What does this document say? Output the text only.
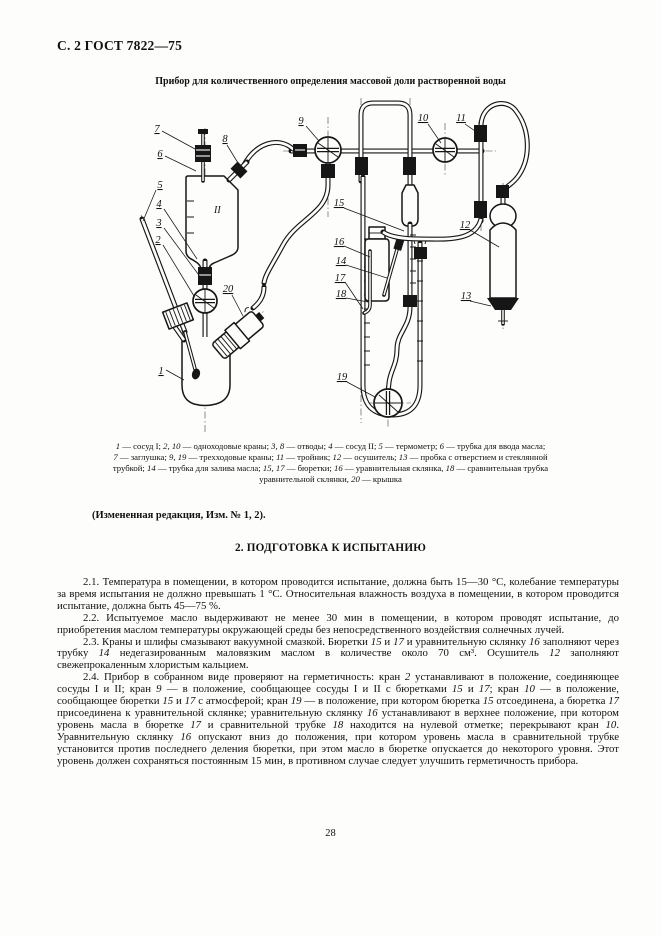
С. 2 ГОСТ 7822—75
Прибор для количественного определения массовой доли растворенной воды
II
1
2
3
4
5
6
7
8
9	10	11
12
13
14
15
16
17
18
19
20
1 — сосуд I; 2, 10 — одноходовые краны; 3, 8 — отводы; 4 — сосуд II; 5 — термометр; 6 — трубка для ввода масла;
7 — заглушка; 9, 19 — трехходовые краны; 11 — тройник; 12 — осушитель; 13 — пробка с отверстием и стеклянной
трубкой; 14 — трубка для залива масла; 15, 17 — бюретки; 16 — уравнительная склянка, 18 — сравнительная трубка
уравнительной склянки, 20 — крышка
(Измененная редакция, Изм. № 1, 2).
2. ПОДГОТОВКА К ИСПЫТАНИЮ

2.1. Температура в помещении, в котором проводится испытание, должна быть 15—30 °С, колебание температуры за время испытания не должно превышать 1 °С. Относительная влажность воздуха в помещении, в котором проводится испытание, должна быть 45—75 %.

2.2. Испытуемое масло выдерживают не менее 30 мин в помещении, в котором проводят испытание, до приобретения маслом температуры окружающей среды без непосредственного воздействия солнечных лучей.

2.3. Краны и шлифы смазывают вакуумной смазкой. Бюретки 15 и 17 и уравнительную склянку 16 заполняют через трубку 14 недегазированным маловязким маслом в количестве около 70 см³. Осушитель 12 заполняют свежепрокаленным хлористым кальцием.

2.4. Прибор в собранном виде проверяют на герметичность: кран 2 устанавливают в положение, соединяющее сосуды I и II; кран 9 — в положение, сообщающее сосуды I и II с бюретками 15 и 17; кран 10 — в положение, сообщающее бюретки 15 и 17 с атмосферой; кран 19 — в положение, при котором бюретка 15 отсоединена, а бюретка 17 присоединена к уравнительной склянке; уравнительную склянку 16 устанавливают в верхнее положение, при котором уровень масла в бюретке 17 и сравнительной трубке 18 находится на нулевой отметке; перекрывают кран 10. Уравнительную склянку 16 опускают вниз до положения, при котором уровень масла в сравнительной трубке установится против последнего деления бюретки, при этом масло в бюретке опускается до некоторого уровня. Этот уровень должен сохраняться постоянным 15 мин, в противном случае следует улучшить герметичность прибора.

28
